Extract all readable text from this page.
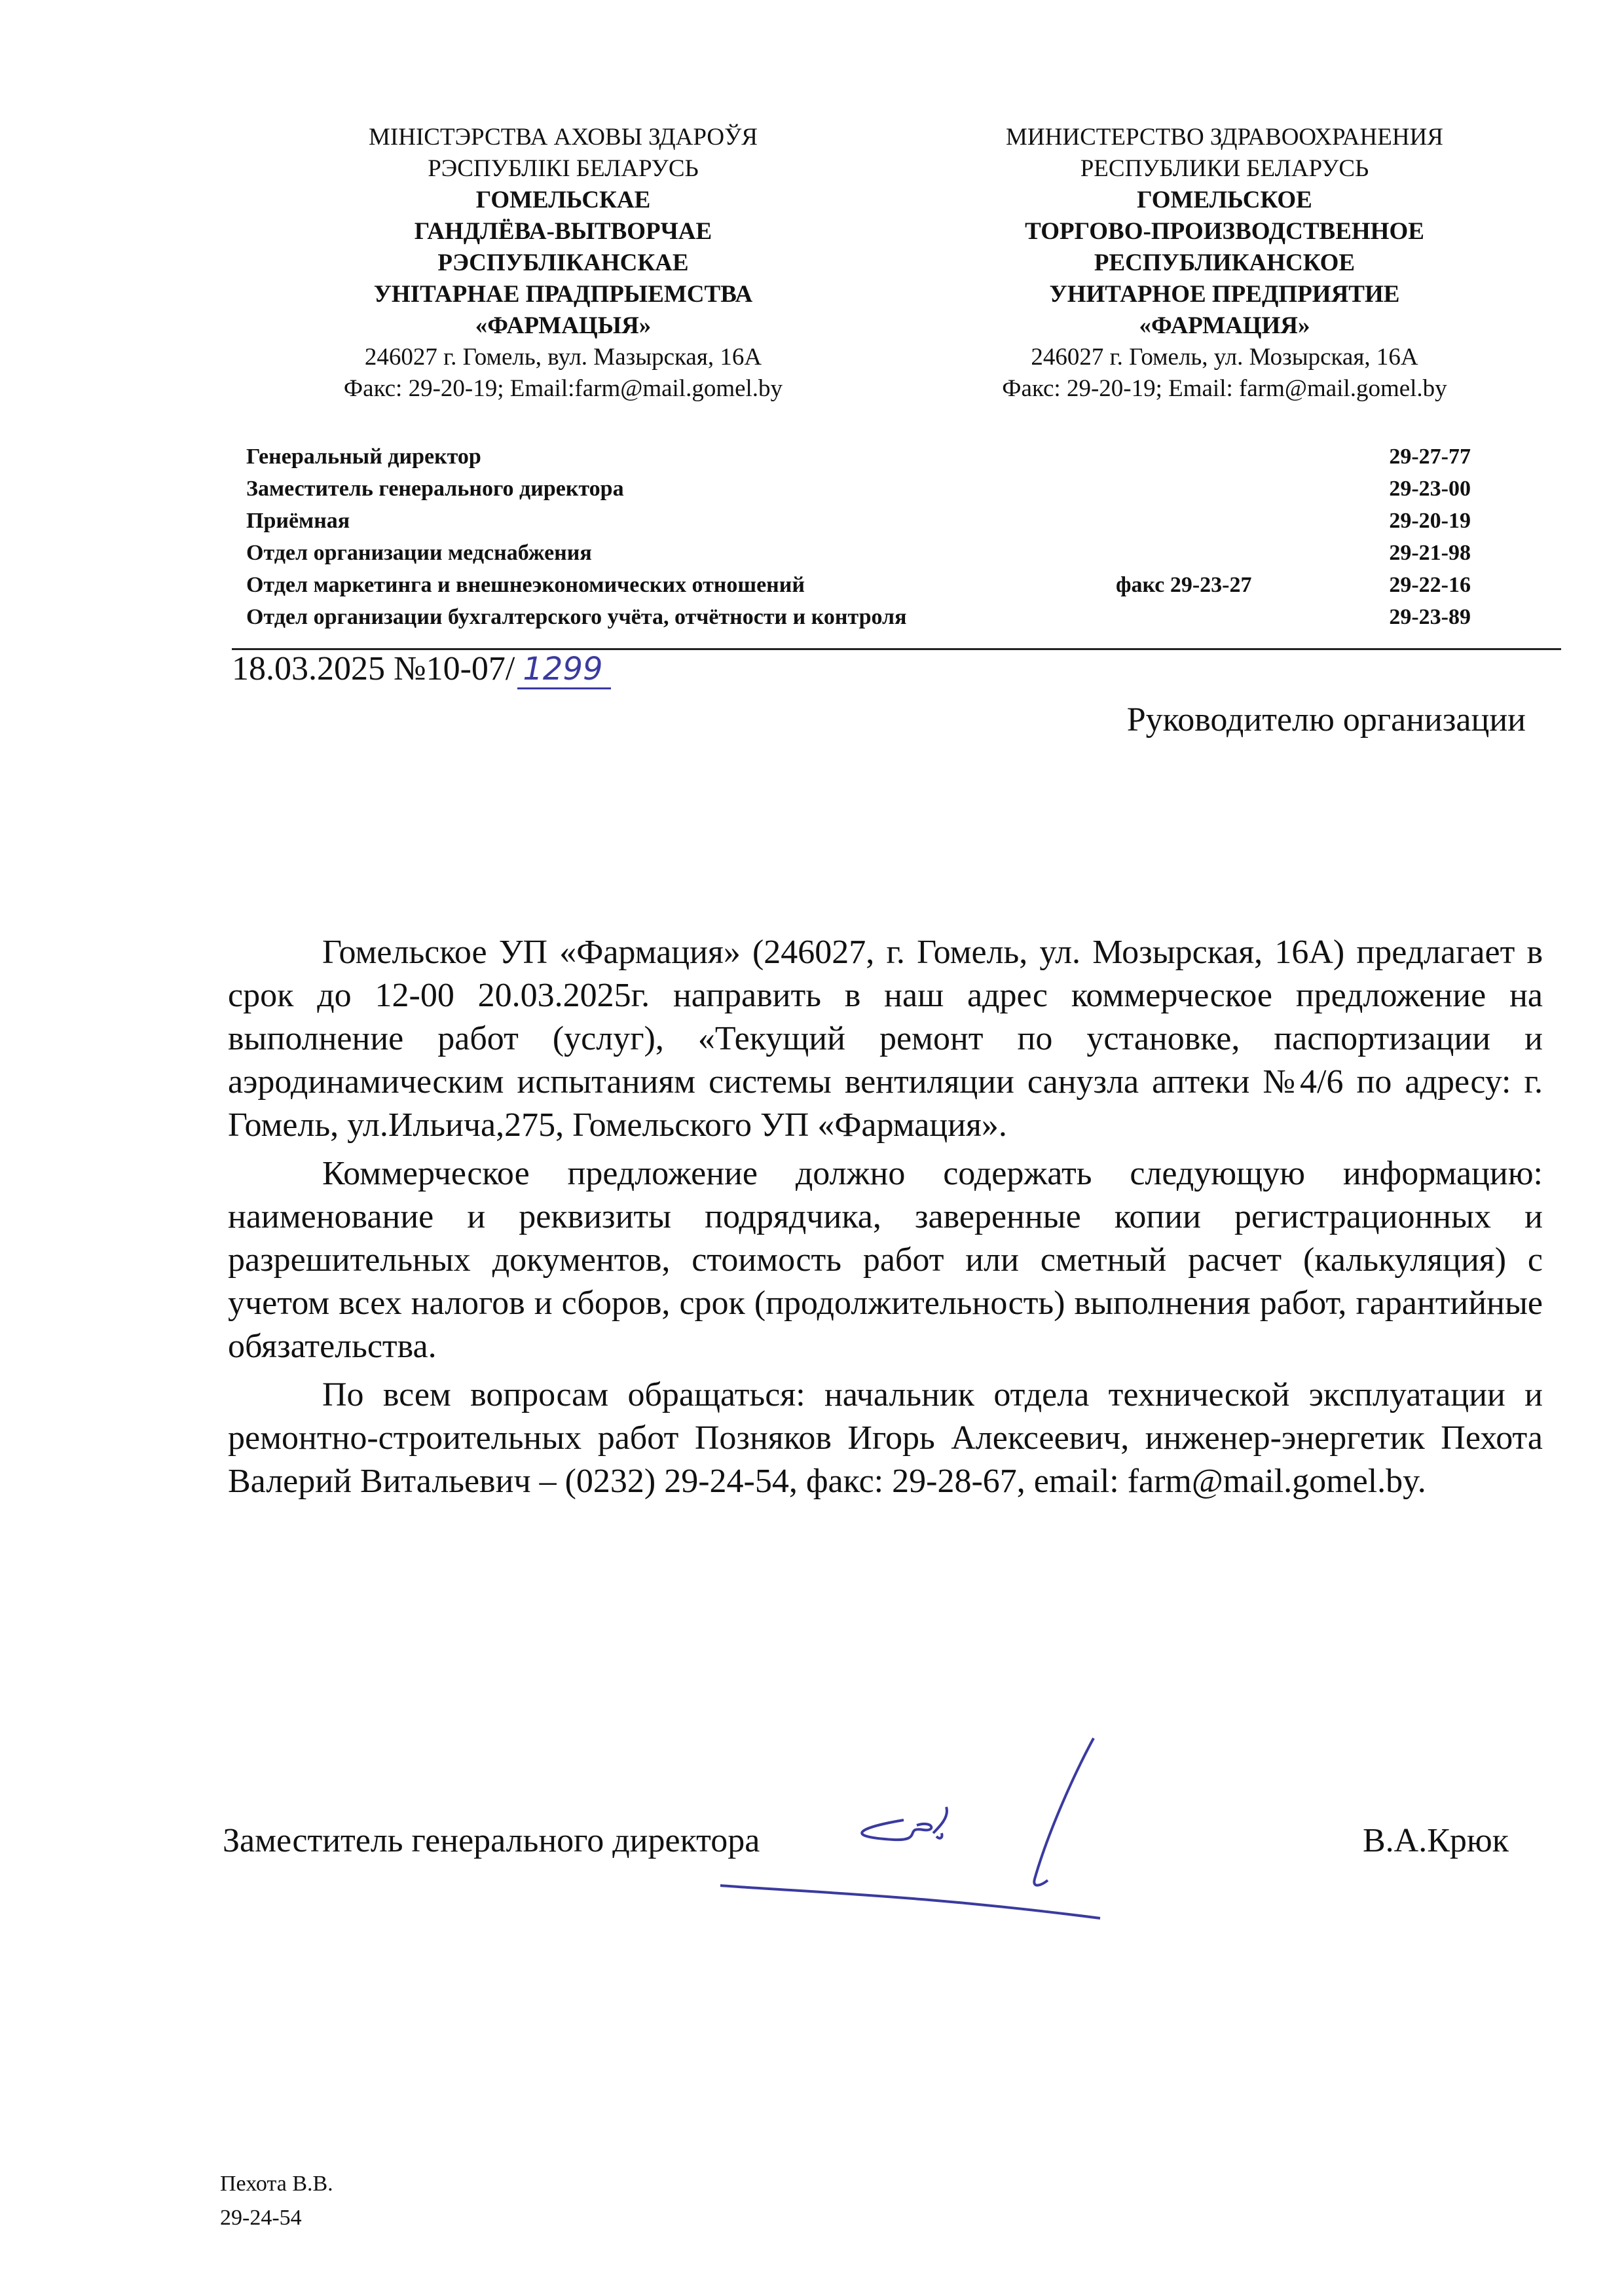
МІНІСТЭРСТВА АХОВЫ ЗДАРОЎЯ
РЭСПУБЛІКІ БЕЛАРУСЬ
ГОМЕЛЬСКАЕ
ГАНДЛЁВА-ВЫТВОРЧАЕ
РЭСПУБЛІКАНСКАЕ
УНІТАРНАЕ ПРАДПРЫЕМСТВА
«ФАРМАЦЫЯ»
246027 г. Гомель, вул. Мазырская, 16А
Факс: 29-20-19; Email:farm@mail.gomel.by
МИНИСТЕРСТВО ЗДРАВООХРАНЕНИЯ
РЕСПУБЛИКИ БЕЛАРУСЬ
ГОМЕЛЬСКОЕ
ТОРГОВО-ПРОИЗВОДСТВЕННОЕ
РЕСПУБЛИКАНСКОЕ
УНИТАРНОЕ ПРЕДПРИЯТИЕ
«ФАРМАЦИЯ»
246027 г. Гомель, ул. Мозырская, 16А
Факс: 29-20-19; Email: farm@mail.gomel.by
Генеральный директор	29-27-77
Заместитель генерального директора	29-23-00
Приёмная	29-20-19
Отдел организации медснабжения	29-21-98
Отдел маркетинга и внешнеэкономических отношений	факс 29-23-27	29-22-16
Отдел организации бухгалтерского учёта, отчётности и контроля	29-23-89
18.03.2025 №10-07/ 1299
Руководителю организации

Гомельское УП «Фармация» (246027, г. Гомель, ул. Мозырская, 16А) предлагает в срок до 12-00 20.03.2025г. направить в наш адрес коммерческое предложение на выполнение работ (услуг), «Текущий ремонт по установке, паспортизации и аэродинамическим испытаниям системы вентиляции санузла аптеки №4/6 по адресу: г. Гомель, ул.Ильича,275, Гомельского УП «Фармация».

Коммерческое предложение должно содержать следующую информацию: наименование и реквизиты подрядчика, заверенные копии регистрационных и разрешительных документов, стоимость работ или сметный расчет (калькуляция) с учетом всех налогов и сборов, срок (продолжительность) выполнения работ, гарантийные обязательства.

По всем вопросам обращаться: начальник отдела технической эксплуатации и ремонтно-строительных работ Позняков Игорь Алексеевич, инженер-энергетик Пехота Валерий Витальевич – (0232) 29-24-54, факс: 29-28-67, email: farm@mail.gomel.by.

Заместитель генерального директора	В.А.Крюк
Пехота В.В.
29-24-54
